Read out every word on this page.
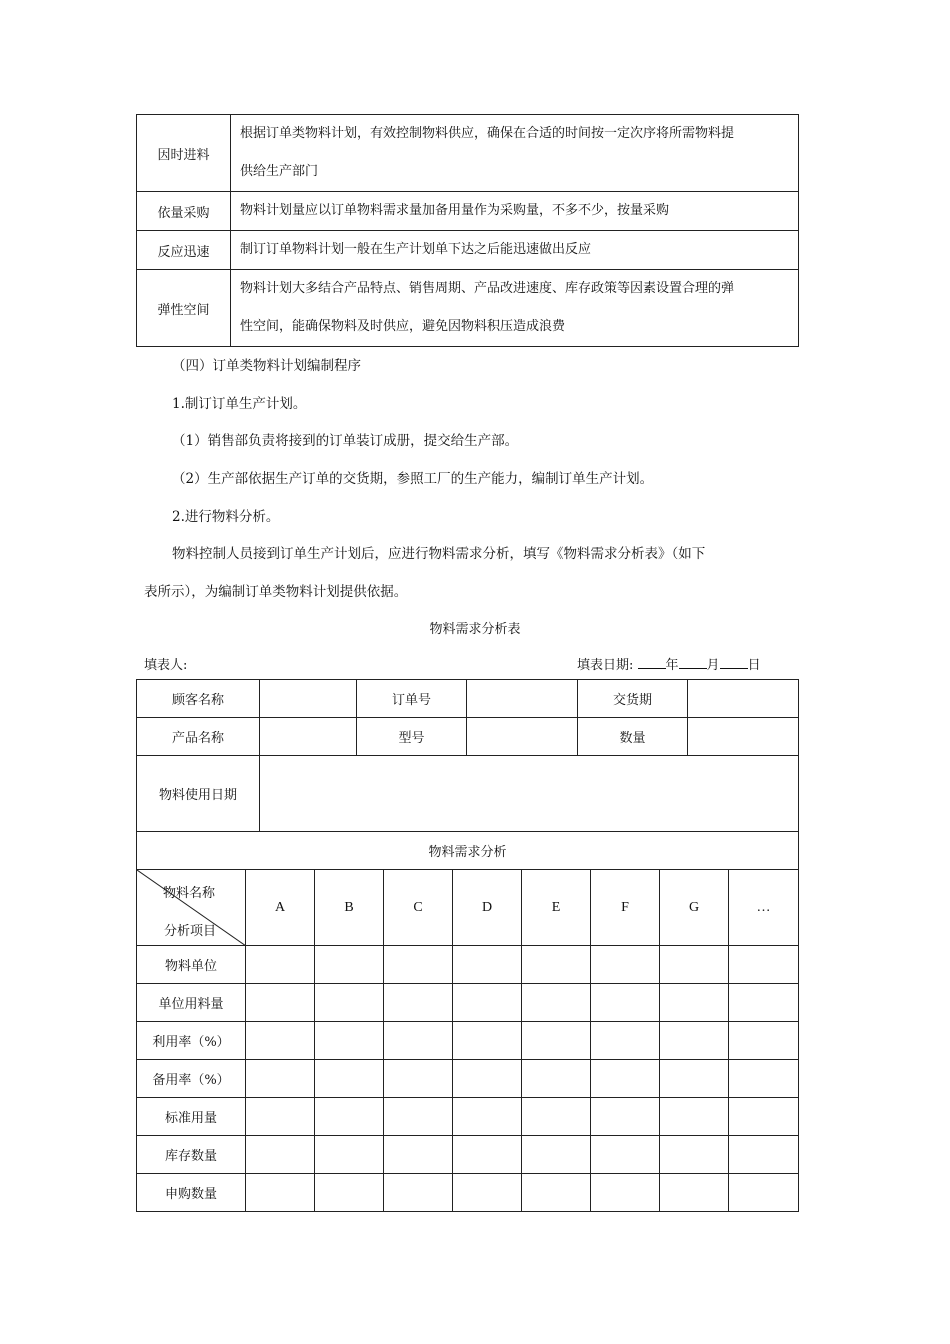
因时进料	根据订单类物料计划，有效控制物料供应，确保在合适的时间按一定次序将所需物料提
供给生产部门

依量采购	物料计划量应以订单物料需求量加备用量作为采购量，不多不少，按量采购

反应迅速	制订订单物料计划一般在生产计划单下达之后能迅速做出反应

弹性空间	物料计划大多结合产品特点、销售周期、产品改进速度、库存政策等因素设置合理的弹
性空间，能确保物料及时供应，避免因物料积压造成浪费
（四）订单类物料计划编制程序
1.制订订单生产计划。
（1）销售部负责将接到的订单装订成册，提交给生产部。
（2）生产部依据生产订单的交货期，参照工厂的生产能力，编制订单生产计划。
2.进行物料分析。
物料控制人员接到订单生产计划后，应进行物料需求分析，填写《物料需求分析表》（如下
表所示），为编制订单类物料计划提供依据。
物料需求分析表
填表人:	填表日期: 年 月 日
顾客名称		订单号		交货期	
产品名称		型号		数量	
物料使用日期					
物料需求分析					
物料名称
分析项目	A	B	C	D	E	F	G	…
物料单位								
单位用料量								
利用率（%）								
备用率（%）								
标准用量								
库存数量								
申购数量								
